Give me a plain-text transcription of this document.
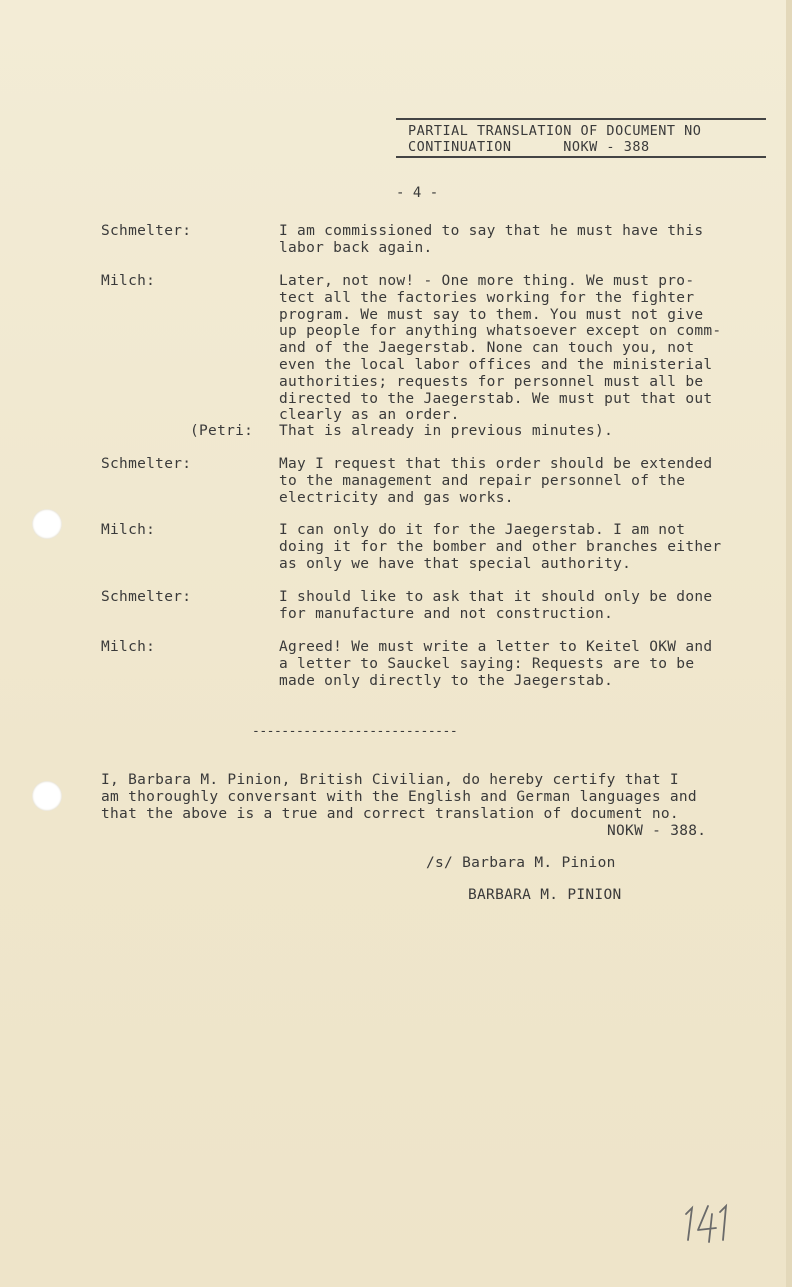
PARTIAL TRANSLATION OF DOCUMENT NO
CONTINUATION      NOKW - 388
- 4 -
Schmelter:	I am commissioned to say that he must have this
labor back again.
Milch:	Later, not now! - One more thing. We must pro-
tect all the factories working for the fighter
program. We must say to them. You must not give
up people for anything whatsoever except on comm-
and of the Jaegerstab. None can touch you, not
even the local labor offices and the ministerial
authorities; requests for personnel must all be
directed to the Jaegerstab. We must put that out
clearly as an order.
(Petri: That is already in previous minutes).
Schmelter:	May I request that this order should be extended
to the management and repair personnel of the
electricity and gas works.
Milch:	I can only do it for the Jaegerstab. I am not
doing it for the bomber and other branches either
as only we have that special authority.
Schmelter:	I should like to ask that it should only be done
for manufacture and not construction.
Milch:	Agreed! We must write a letter to Keitel OKW and
a letter to Sauckel saying: Requests are to be
made only directly to the Jaegerstab.
----------------------------
I, Barbara M. Pinion, British Civilian, do hereby certify that I
am thoroughly conversant with the English and German languages and
that the above is a true and correct translation of document no.
NOKW - 388.
/s/ Barbara M. Pinion
BARBARA M. PINION
